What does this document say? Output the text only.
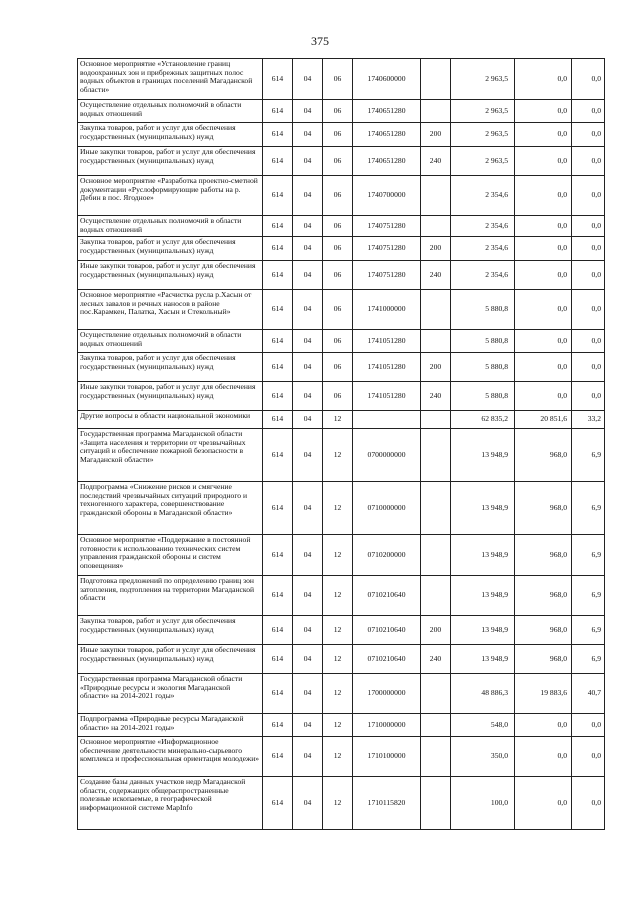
375
Основное мероприятие «Установление границ водоохранных зон и прибрежных защитных полос водных объектов в границах поселений Магаданской области»	614	04	06	1740600000		2 963,5	0,0	0,0
Осуществление отдельных полномочий в области водных отношений	614	04	06	1740651280		2 963,5	0,0	0,0
Закупка товаров, работ и услуг для обеспечения государственных (муниципальных) нужд	614	04	06	1740651280	200	2 963,5	0,0	0,0
Иные закупки товаров, работ и услуг для обеспечения государственных (муниципальных) нужд	614	04	06	1740651280	240	2 963,5	0,0	0,0
Основное мероприятие «Разработка проектно-сметной документации «Руслоформирующие работы на р. Дебин в пос. Ягодное»	614	04	06	1740700000		2 354,6	0,0	0,0
Осуществление отдельных полномочий в области водных отношений	614	04	06	1740751280		2 354,6	0,0	0,0
Закупка товаров, работ и услуг для обеспечения государственных (муниципальных) нужд	614	04	06	1740751280	200	2 354,6	0,0	0,0
Иные закупки товаров, работ и услуг для обеспечения государственных (муниципальных) нужд	614	04	06	1740751280	240	2 354,6	0,0	0,0
Основное мероприятие «Расчистка русла р.Хасын от лесных завалов и речных наносов в районе пос.Карамкен, Палатка, Хасын и Стекольный»	614	04	06	1741000000		5 880,8	0,0	0,0
Осуществление отдельных полномочий в области водных отношений	614	04	06	1741051280		5 880,8	0,0	0,0
Закупка товаров, работ и услуг для обеспечения государственных (муниципальных) нужд	614	04	06	1741051280	200	5 880,8	0,0	0,0
Иные закупки товаров, работ и услуг для обеспечения государственных (муниципальных) нужд	614	04	06	1741051280	240	5 880,8	0,0	0,0
Другие вопросы в области национальной экономики	614	04	12			62 835,2	20 851,6	33,2
Государственная программа Магаданской области «Защита населения и территории от чрезвычайных ситуаций и обеспечение пожарной безопасности в Магаданской области»	614	04	12	0700000000		13 948,9	968,0	6,9
Подпрограмма «Снижение рисков и смягчение последствий чрезвычайных ситуаций природного и техногенного характера, совершенствование гражданской обороны в Магаданской области»	614	04	12	0710000000		13 948,9	968,0	6,9
Основное мероприятие «Поддержание в постоянной готовности к использованию технических систем управления гражданской обороны и систем оповещения»	614	04	12	0710200000		13 948,9	968,0	6,9
Подготовка предложений по определению границ зон затопления, подтопления на территории Магаданской области	614	04	12	0710210640		13 948,9	968,0	6,9
Закупка товаров, работ и услуг для обеспечения государственных (муниципальных) нужд	614	04	12	0710210640	200	13 948,9	968,0	6,9
Иные закупки товаров, работ и услуг для обеспечения государственных (муниципальных) нужд	614	04	12	0710210640	240	13 948,9	968,0	6,9
Государственная программа Магаданской области «Природные ресурсы и экология Магаданской области» на 2014-2021 годы»	614	04	12	1700000000		48 886,3	19 883,6	40,7
Подпрограмма «Природные ресурсы Магаданской области» на 2014-2021 годы»	614	04	12	1710000000		548,0	0,0	0,0
Основное мероприятие «Информационное обеспечение деятельности минерально-сырьевого комплекса и профессиональная ориентация молодежи»	614	04	12	1710100000		350,0	0,0	0,0
Создание базы данных участков недр Магаданской области, содержащих общераспространенные полезные ископаемые, в географической информационной системе MapInfo	614	04	12	1710115820		100,0	0,0	0,0
